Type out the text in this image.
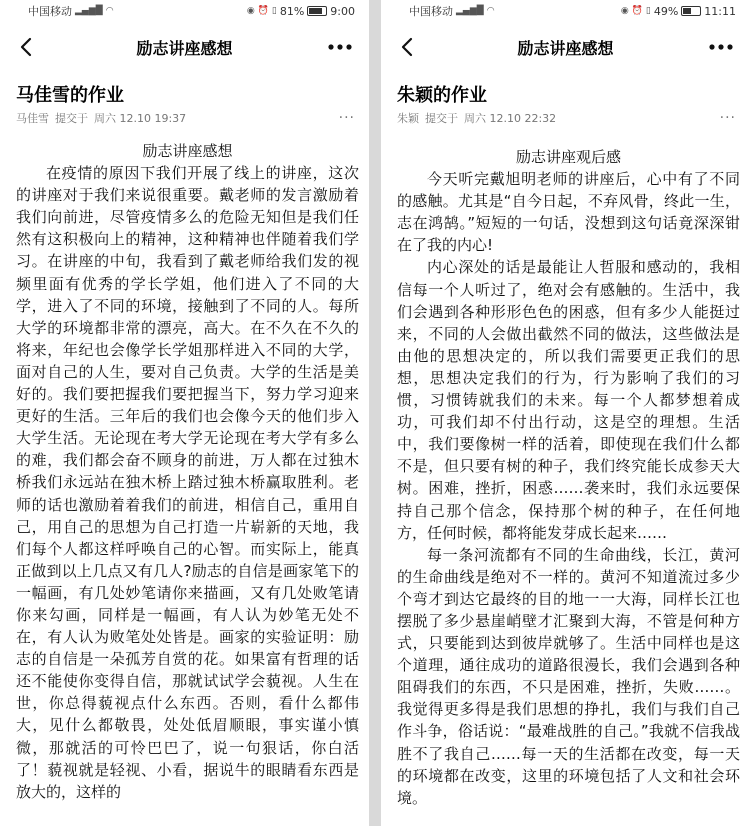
中国移动 ▂▄▆█ ◠	◉ ⏰ ▯ 81% 9:00
励志讲座感想
马佳雪的作业
马佳雪 提交于 周六 12.10 19:37	···
励志讲座感想

在疫情的原因下我们开展了线上的讲座，这次的讲座对于我们来说很重要。戴老师的发言激励着我们向前进，尽管疫情多么的危险无知但是我们任然有这积极向上的精神，这种精神也伴随着我们学习。在讲座的中旬，我看到了戴老师给我们发的视频里面有优秀的学长学姐，他们进入了不同的大学，进入了不同的环境，接触到了不同的人。每所大学的环境都非常的漂亮，高大。在不久在不久的将来，年纪也会像学长学姐那样进入不同的大学，面对自己的人生，要对自己负责。大学的生活是美好的。我们要把握我们要把握当下，努力学习迎来更好的生活。三年后的我们也会像今天的他们步入大学生活。无论现在考大学无论现在考大学有多么的难，我们都会奋不顾身的前进，万人都在过独木桥我们永远站在独木桥上踏过独木桥赢取胜利。老师的话也激励着着我们的前进，相信自己，重用自己，用自己的思想为自己打造一片崭新的天地，我们每个人都这样呼唤自己的心智。而实际上，能真正做到以上几点又有几人?励志的自信是画家笔下的一幅画，有几处妙笔请你来描画，又有几处败笔请你来勾画，同样是一幅画，有人认为妙笔无处不在，有人认为败笔处处皆是。画家的实验证明：励志的自信是一朵孤芳自赏的花。如果富有哲理的话还不能使你变得自信，那就试试学会藐视。人生在世，你总得藐视点什么东西。否则，看什么都伟大，见什么都敬畏，处处低眉顺眼，事实谨小慎微，那就活的可怜巴巴了，说一句狠话，你白活了！藐视就是轻视、小看，据说牛的眼睛看东西是放大的，这样的

中国移动 ▂▄▆█ ◠	◉ ⏰ ▯ 49% 11:11
励志讲座感想
朱颖的作业
朱颖 提交于 周六 12.10 22:32	···
励志讲座观后感

今天听完戴旭明老师的讲座后，心中有了不同的感触。尤其是“自今日起，不弃风骨，终此一生，志在鸿鹄。”短短的一句话，没想到这句话竟深深钳在了我的内心!

内心深处的话是最能让人哲服和感动的，我相信每一个人听过了，绝对会有感触的。生活中，我们会遇到各种形形色色的困惑，但有多少人能挺过来，不同的人会做出截然不同的做法，这些做法是由他的思想决定的，所以我们需要更正我们的思想，思想决定我们的行为，行为影响了我们的习惯，习惯铸就我们的未来。每一个人都梦想着成功，可我们却不付出行动，这是空的理想。生活中，我们要像树一样的活着，即使现在我们什么都不是，但只要有树的种子，我们终究能长成参天大树。困难，挫折，困惑……袭来时，我们永远要保持自己那个信念，保持那个树的种子，在任何地方，任何时候，都将能发芽成长起来……

每一条河流都有不同的生命曲线，长江，黄河的生命曲线是绝对不一样的。黄河不知道流过多少个弯才到达它最终的目的地一一大海，同样长江也摆脱了多少悬崖峭壁才汇聚到大海，不管是何种方式，只要能到达到彼岸就够了。生活中同样也是这个道理，通往成功的道路很漫长，我们会遇到各种阻碍我们的东西，不只是困难，挫折，失败……。我觉得更多得是我们思想的挣扎，我们与我们自己作斗争，俗话说：“最难战胜的自己。”我就不信我战胜不了我自己……每一天的生活都在改变，每一天的环境都在改变，这里的环境包括了人文和社会环境。
